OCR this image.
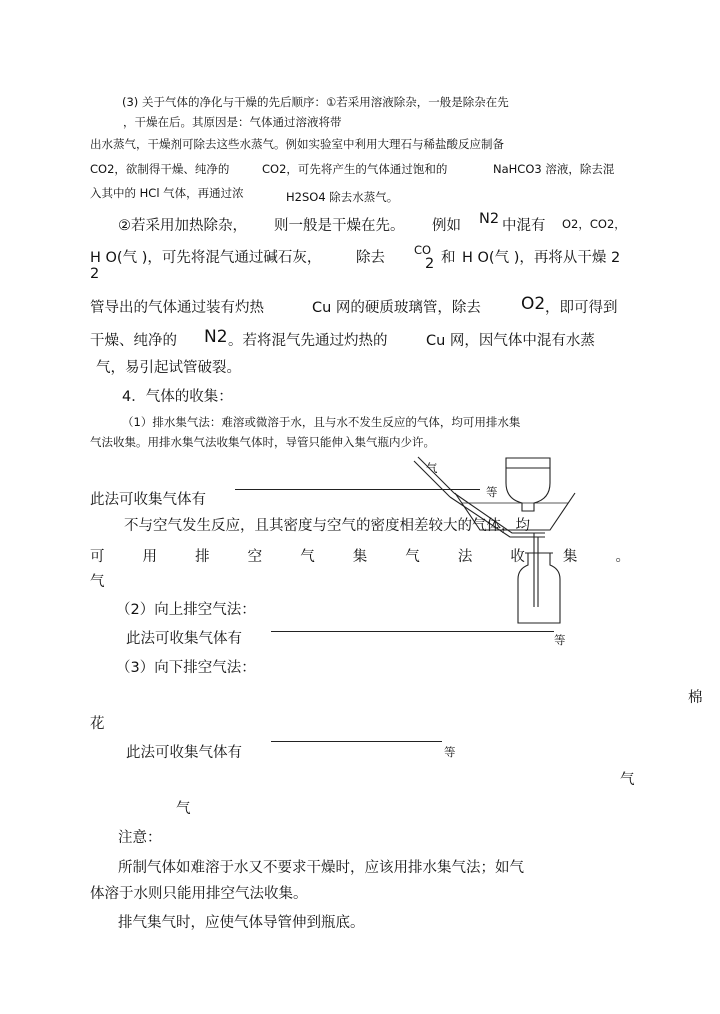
(3) 关于气体的净化与干燥的先后顺序：①若采用溶液除杂，一般是除杂在先
，干燥在后。其原因是：气体通过溶液将带
出水蒸气，干燥剂可除去这些水蒸气。例如实验室中利用大理石与稀盐酸反应制备
CO2，欲制得干燥、纯净的	CO2，可先将产生的气体通过饱和的	NaHCO3 溶液，除去混
入其中的 HCl 气体，再通过浓	H2SO4 除去水蒸气。
②若采用加热除杂， 则一般是干燥在先。 例如 N2 中混有 O2，CO2，
H O(气 )，可先将混气通过碱石灰， 除去	CO
2 和 H O(气 )，再将从干燥 2
2
管导出的气体通过装有灼热	Cu 网的硬质玻璃管，除去 O2 ，即可得到
干燥、纯净的 N2 。若将混气先通过灼热的	Cu 网，因气体中混有水蒸
气，易引起试管破裂。
4．气体的收集：
（1）排水集气法：难溶或微溶于水，且与水不发生反应的气体，均可用排水集
气法收集。用排水集气法收集气体时，导管只能伸入集气瓶内少许。
气
此法可收集气体有	等
不与空气发生反应，且其密度与空气的密度相差较大的气体，均
可	用	排	空	气	集	气	法	收	集	。
气
（2）向上排空气法：
此法可收集气体有	等
（3）向下排空气法：
棉
花
此法可收集气体有	等
气
气
注意：
所制气体如难溶于水又不要求干燥时，应该用排水集气法；如气
体溶于水则只能用排空气法收集。
排气集气时，应使气体导管伸到瓶底。
